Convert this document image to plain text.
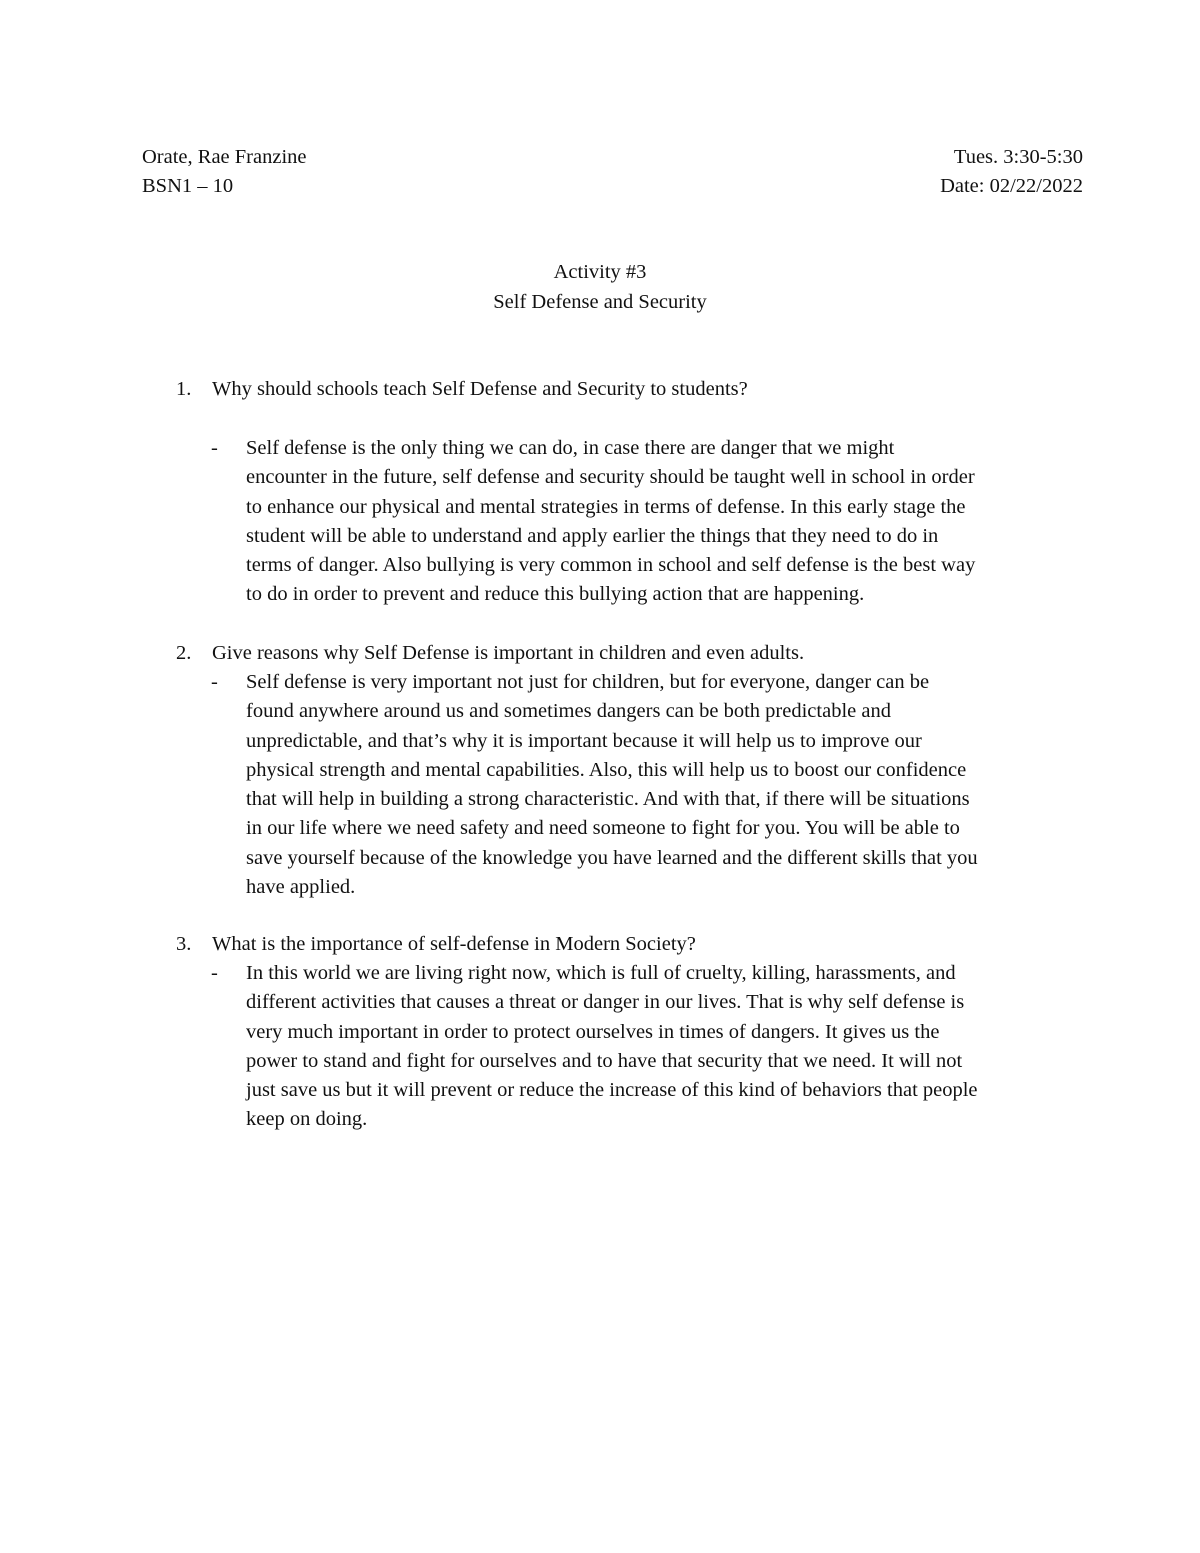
Orate, Rae Franzine	Tues. 3:30-5:30
BSN1 – 10	Date: 02/22/2022
Activity #3
Self Defense and Security
1. Why should schools teach Self Defense and Security to students?
- Self defense is the only thing we can do, in case there are danger that we might
encounter in the future, self defense and security should be taught well in school in order
to enhance our physical and mental strategies in terms of defense. In this early stage the
student will be able to understand and apply earlier the things that they need to do in
terms of danger. Also bullying is very common in school and self defense is the best way
to do in order to prevent and reduce this bullying action that are happening.
2. Give reasons why Self Defense is important in children and even adults.
- Self defense is very important not just for children, but for everyone, danger can be
found anywhere around us and sometimes dangers can be both predictable and
unpredictable, and that’s why it is important because it will help us to improve our
physical strength and mental capabilities. Also, this will help us to boost our confidence
that will help in building a strong characteristic. And with that, if there will be situations
in our life where we need safety and need someone to fight for you. You will be able to
save yourself because of the knowledge you have learned and the different skills that you
have applied.
3. What is the importance of self-defense in Modern Society?
- In this world we are living right now, which is full of cruelty, killing, harassments, and
different activities that causes a threat or danger in our lives. That is why self defense is
very much important in order to protect ourselves in times of dangers. It gives us the
power to stand and fight for ourselves and to have that security that we need. It will not
just save us but it will prevent or reduce the increase of this kind of behaviors that people
keep on doing.
